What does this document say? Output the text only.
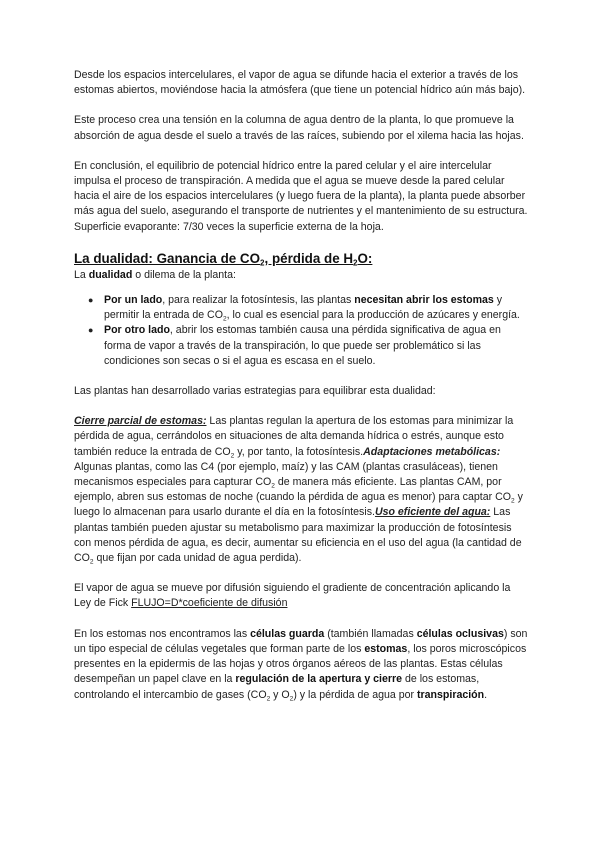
Desde los espacios intercelulares, el vapor de agua se difunde hacia el exterior a través de los estomas abiertos, moviéndose hacia la atmósfera (que tiene un potencial hídrico aún más bajo).

Este proceso crea una tensión en la columna de agua dentro de la planta, lo que promueve la absorción de agua desde el suelo a través de las raíces, subiendo por el xilema hacia las hojas.

En conclusión, el equilibrio de potencial hídrico entre la pared celular y el aire intercelular impulsa el proceso de transpiración. A medida que el agua se mueve desde la pared celular hacia el aire de los espacios intercelulares (y luego fuera de la planta), la planta puede absorber más agua del suelo, asegurando el transporte de nutrientes y el mantenimiento de su estructura. Superficie evaporante: 7/30 veces la superficie externa de la hoja.

La dualidad: Ganancia de CO2, pérdida de H2O:

La dualidad o dilema de la planta:

● Por un lado, para realizar la fotosíntesis, las plantas necesitan abrir los estomas y permitir la entrada de $CO_2$, lo cual es esencial para la producción de azúcares y energía.
● Por otro lado, abrir los estomas también causa una pérdida significativa de agua en forma de vapor a través de la transpiración, lo que puede ser problemático si las condiciones son secas o si el agua es escasa en el suelo.

Las plantas han desarrollado varias estrategias para equilibrar esta dualidad:

Cierre parcial de estomas: Las plantas regulan la apertura de los estomas para minimizar la pérdida de agua, cerrándolos en situaciones de alta demanda hídrica o estrés, aunque esto también reduce la entrada de $CO_2$ y, por tanto, la fotosíntesis.Adaptaciones metabólicas: Algunas plantas, como las C4 (por ejemplo, maíz) y las CAM (plantas crasuláceas), tienen mecanismos especiales para capturar $CO_2$ de manera más eficiente. Las plantas CAM, por ejemplo, abren sus estomas de noche (cuando la pérdida de agua es menor) para captar $CO_2$ y luego lo almacenan para usarlo durante el día en la fotosíntesis.Uso eficiente del agua: Las plantas también pueden ajustar su metabolismo para maximizar la producción de fotosíntesis con menos pérdida de agua, es decir, aumentar su eficiencia en el uso del agua (la cantidad de $CO_2$ que fijan por cada unidad de agua perdida).

El vapor de agua se mueve por difusión siguiendo el gradiente de concentración aplicando la Ley de Fick FLUJO=D*coeficiente de difusión

En los estomas nos encontramos las células guarda (también llamadas células oclusivas) son un tipo especial de células vegetales que forman parte de los estomas, los poros microscópicos presentes en la epidermis de las hojas y otros órganos aéreos de las plantas. Estas células desempeñan un papel clave en la regulación de la apertura y cierre de los estomas, controlando el intercambio de gases ($CO_2$ y $O_2$) y la pérdida de agua por transpiración.
